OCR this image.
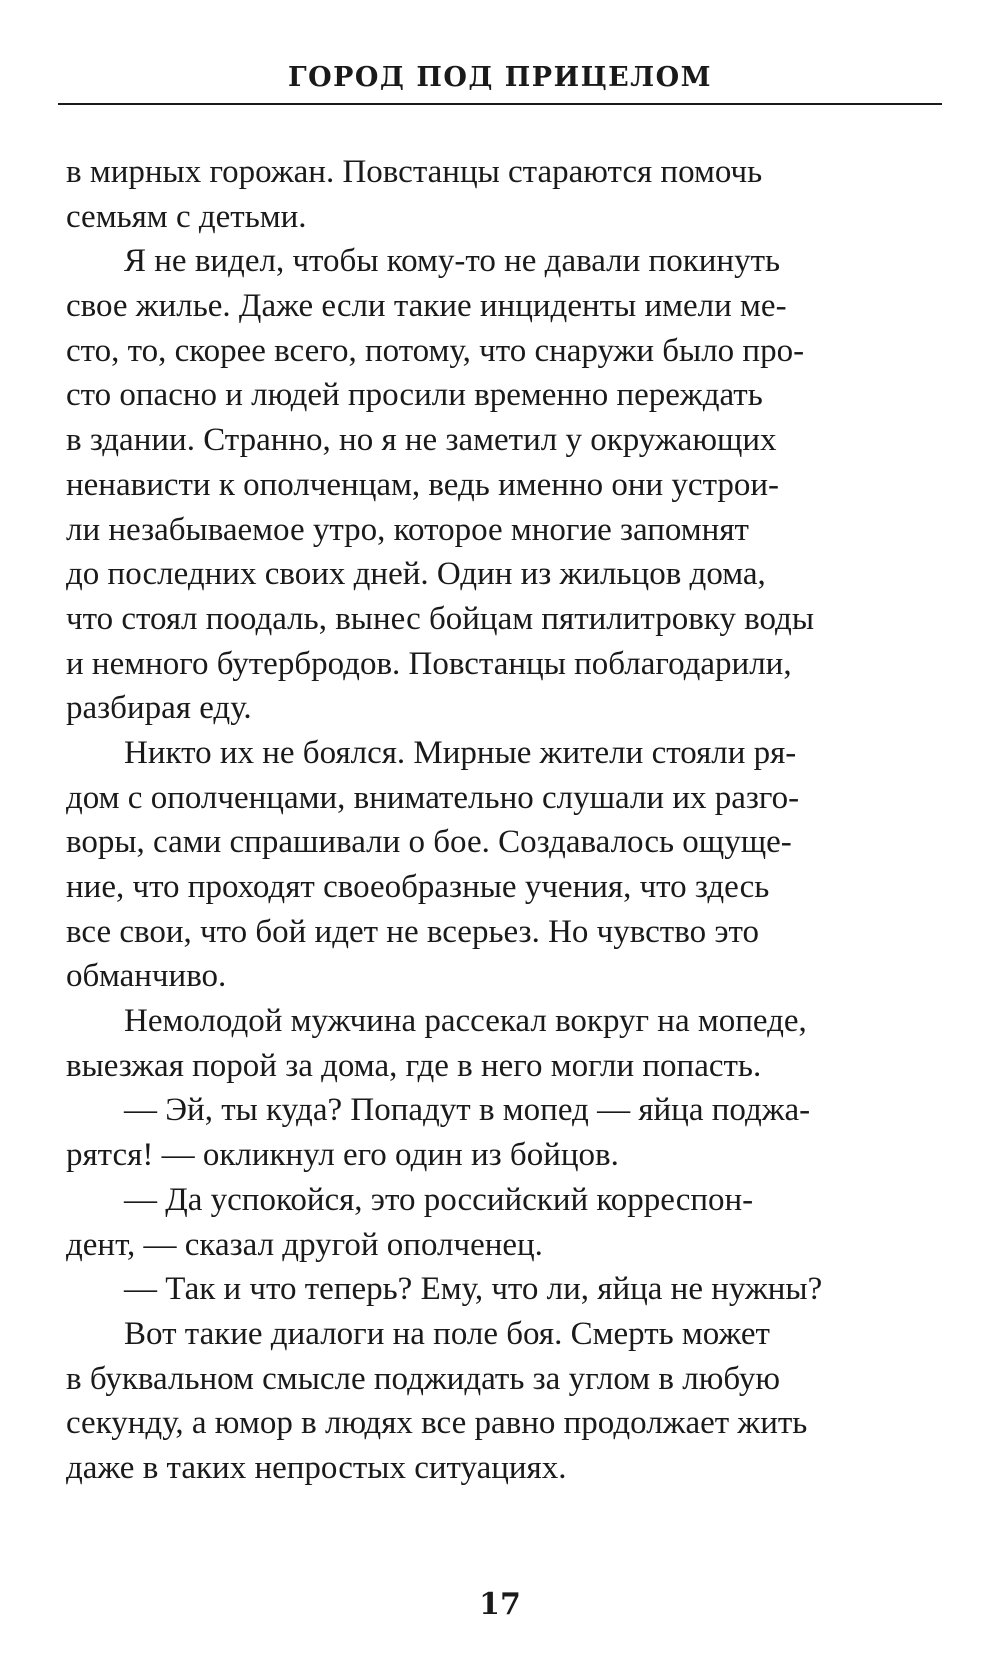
ГОРОД ПОД ПРИЦЕЛОМ

в мирных горожан. Повстанцы стараются помочь
семьям с детьми.

Я не видел, чтобы кому-то не давали покинуть
свое жилье. Даже если такие инциденты имели ме-
сто, то, скорее всего, потому, что снаружи было про-
сто опасно и людей просили временно переждать
в здании. Странно, но я не заметил у окружающих
ненависти к ополченцам, ведь именно они устрои-
ли незабываемое утро, которое многие запомнят
до последних своих дней. Один из жильцов дома,
что стоял поодаль, вынес бойцам пятилитровку воды
и немного бутербродов. Повстанцы поблагодарили,
разбирая еду.

Никто их не боялся. Мирные жители стояли ря-
дом с ополченцами, внимательно слушали их разго-
воры, сами спрашивали о бое. Создавалось ощуще-
ние, что проходят своеобразные учения, что здесь
все свои, что бой идет не всерьез. Но чувство это
обманчиво.

Немолодой мужчина рассекал вокруг на мопеде,
выезжая порой за дома, где в него могли попасть.

— Эй, ты куда? Попадут в мопед — яйца поджа-
рятся! — окликнул его один из бойцов.

— Да успокойся, это российский корреспон-
дент, — сказал другой ополченец.

— Так и что теперь? Ему, что ли, яйца не нужны?

Вот такие диалоги на поле боя. Смерть может
в буквальном смысле поджидать за углом в любую
секунду, а юмор в людях все равно продолжает жить
даже в таких непростых ситуациях.

17
